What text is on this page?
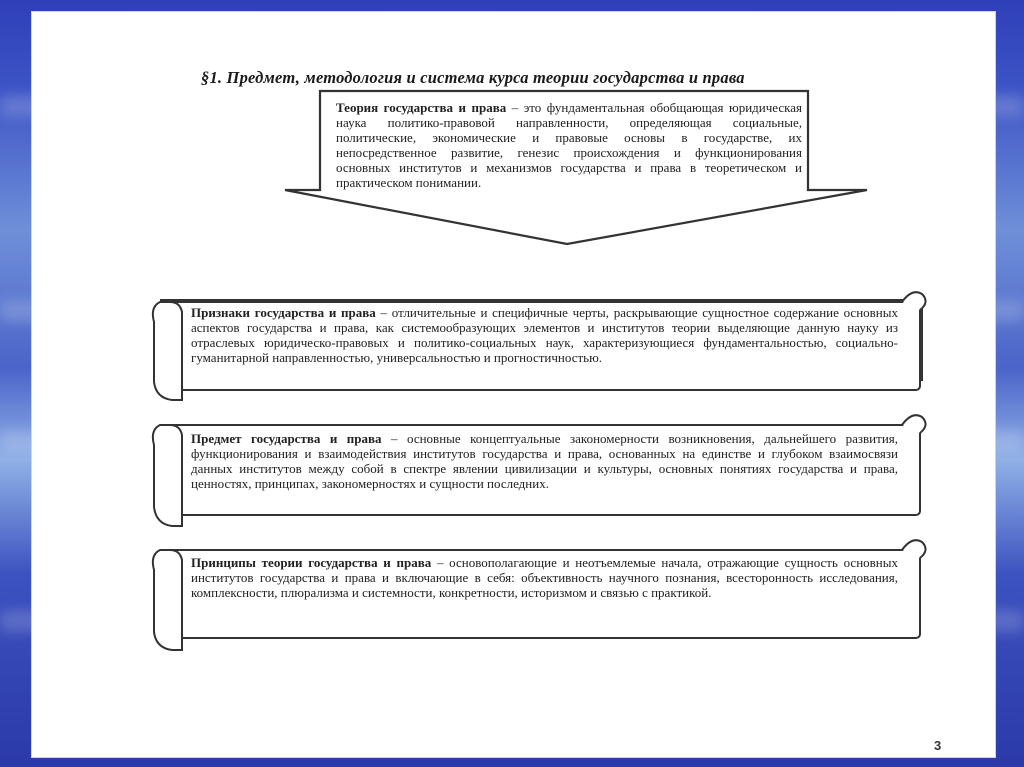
§1. Предмет, методология и система курса теории государства и права
Теория государства и права – это фундаментальная обобщающая юридическая наука политико-правовой направленности, определяющая социальные, политические, экономические и правовые основы в государстве, их непосредственное развитие, генезис происхождения и функционирования основных институтов и механизмов государства и права в теоретическом и практическом понимании.
Признаки государства и права – отличительные и специфичные черты, раскрывающие сущностное содержание основных аспектов государства и права, как системообразующих элементов и институтов теории выделяющие данную науку из отраслевых юридическо-правовых и политико-социальных наук, характеризующиеся фундаментальностью, социально-гуманитарной направленностью, универсальностью и прогностичностью.
Предмет государства и права – основные концептуальные закономерности возникновения, дальнейшего развития, функционирования и взаимодействия институтов государства и права, основанных на единстве и глубоком взаимосвязи данных институтов между собой в спектре явлении цивилизации и культуры, основных понятиях государства и права, ценностях, принципах, закономерностях и сущности последних.
Принципы теории государства и права – основополагающие и неотъемлемые начала, отражающие сущность основных институтов государства и права и включающие в себя: объективность научного познания, всесторонность исследования, комплексности, плюрализма и системности, конкретности, историзмом и связью с практикой.
3
